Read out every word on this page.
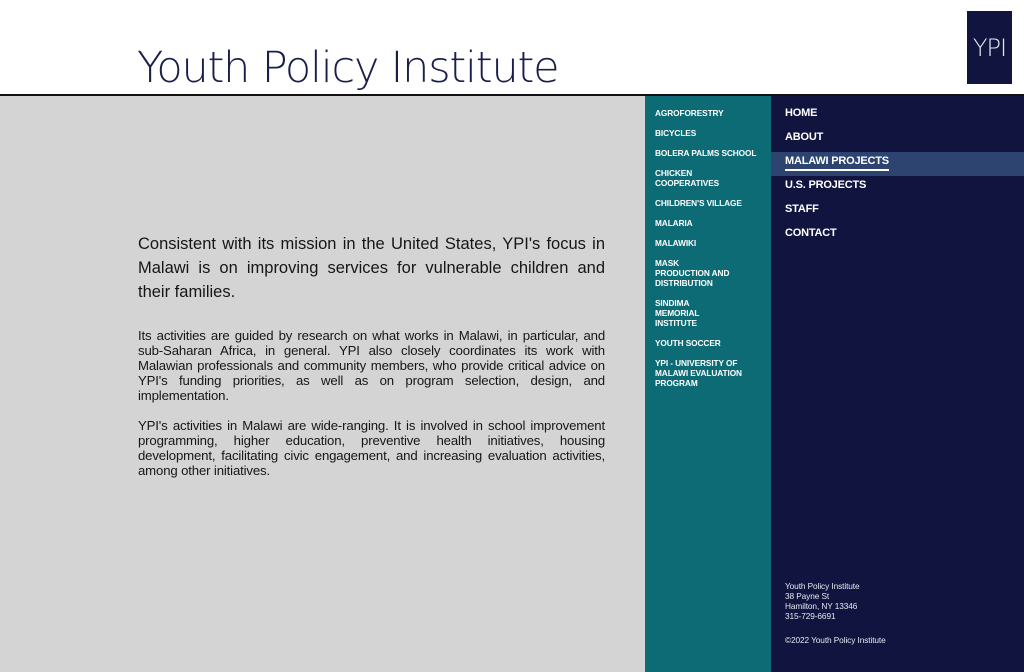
Youth Policy Institute	YPI

Consistent with its mission in the United States, YPI's focus in Malawi is on improving services for vulnerable children and their families.

Its activities are guided by research on what works in Malawi, in particular, and sub-Saharan Africa, in general. YPI also closely coordinates its work with Malawian professionals and community members, who provide critical advice on YPI's funding priorities, as well as on program selection, design, and implementation.

YPI's activities in Malawi are wide-ranging. It is involved in school improvement programming, higher education, preventive health initiatives, housing development, facilitating civic engagement, and increasing evaluation activities, among other initiatives.

AGROFORESTRY
BICYCLES
BOLERA PALMS SCHOOL
CHICKEN COOPERATIVES
CHILDREN'S VILLAGE
MALARIA
MALAWIKI
MASK PRODUCTION AND DISTRIBUTION
SINDIMA MEMORIAL INSTITUTE
YOUTH SOCCER
YPI - UNIVERSITY OF MALAWI EVALUATION PROGRAM
HOME
ABOUT
MALAWI PROJECTS
U.S. PROJECTS
STAFF
CONTACT
Youth Policy Institute
38 Payne St
Hamilton, NY 13346
315-729-6691
©2022 Youth Policy Institute
